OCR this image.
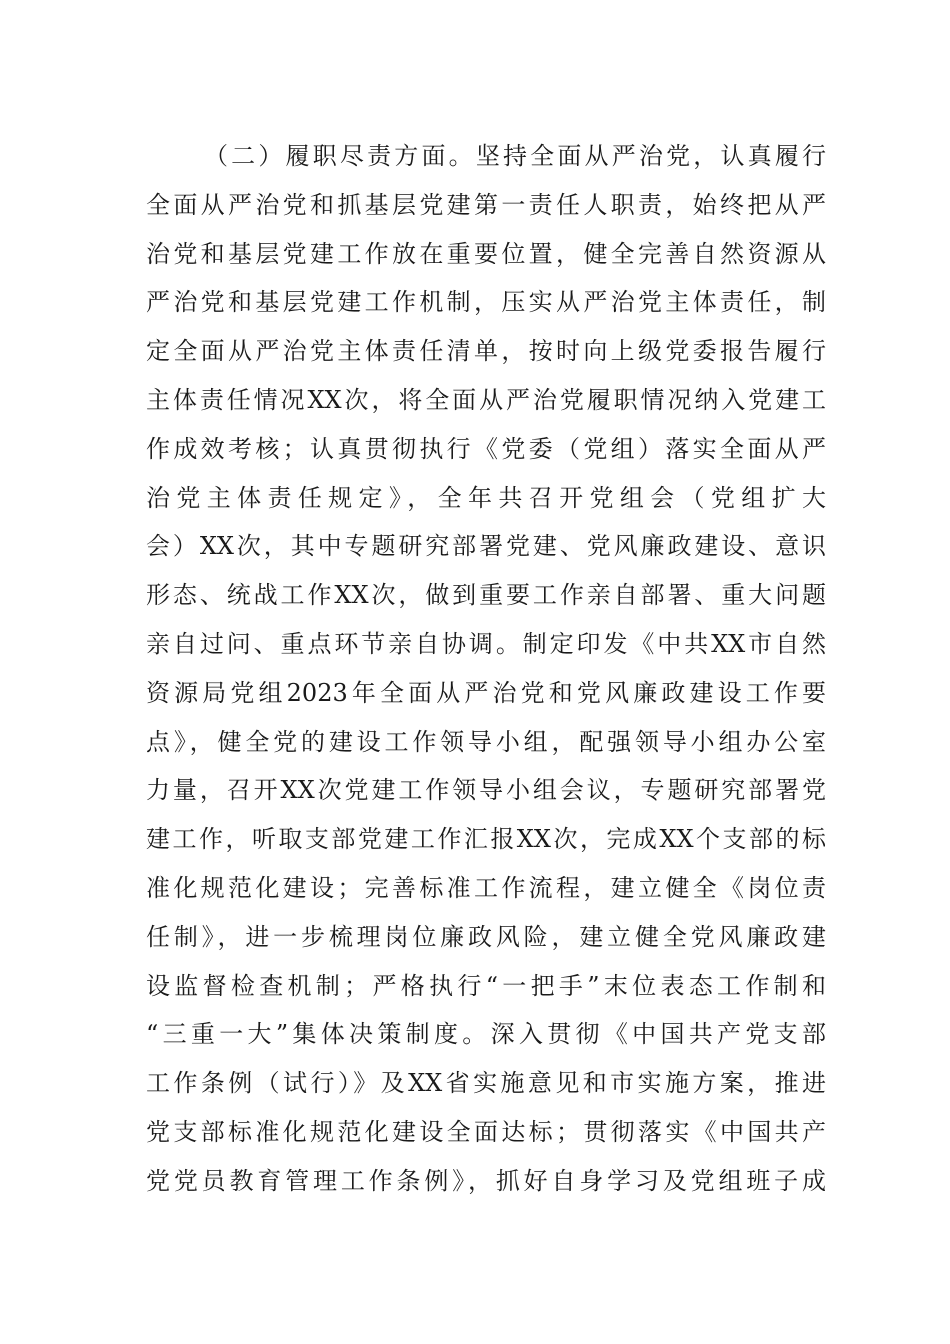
（二）履职尽责方面。坚持全面从严治党，认真履行
全面从严治党和抓基层党建第一责任人职责，始终把从严
治党和基层党建工作放在重要位置，健全完善自然资源从
严治党和基层党建工作机制，压实从严治党主体责任，制
定全面从严治党主体责任清单，按时向上级党委报告履行
主体责任情况XX次，将全面从严治党履职情况纳入党建工
作成效考核；认真贯彻执行《党委（党组）落实全面从严
治党主体责任规定》，全年共召开党组会（党组扩大
会）XX次，其中专题研究部署党建、党风廉政建设、意识
形态、统战工作XX次，做到重要工作亲自部署、重大问题
亲自过问、重点环节亲自协调。制定印发《中共XX市自然
资源局党组2023年全面从严治党和党风廉政建设工作要
点》，健全党的建设工作领导小组，配强领导小组办公室
力量，召开XX次党建工作领导小组会议，专题研究部署党
建工作，听取支部党建工作汇报XX次，完成XX个支部的标
准化规范化建设；完善标准工作流程，建立健全《岗位责
任制》，进一步梳理岗位廉政风险，建立健全党风廉政建
设监督检查机制；严格执行“一把手”末位表态工作制和
“三重一大”集体决策制度。深入贯彻《中国共产党支部
工作条例（试行）》及XX省实施意见和市实施方案，推进
党支部标准化规范化建设全面达标；贯彻落实《中国共产
党党员教育管理工作条例》，抓好自身学习及党组班子成
